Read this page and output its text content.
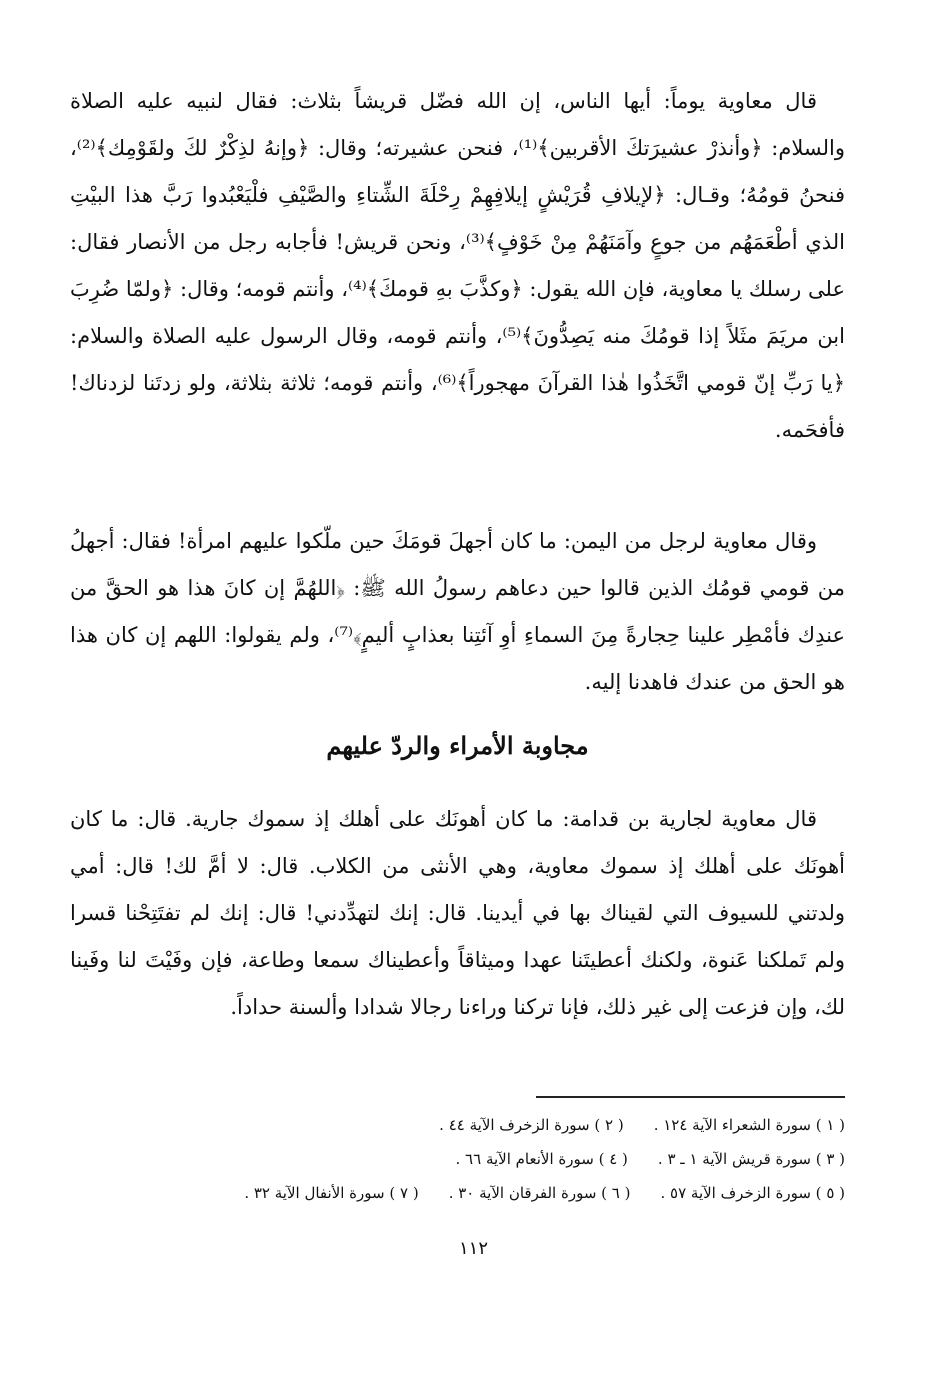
قال معاوية يوماً: أيها الناس، إن الله فضّل قريشاً بثلاث: فقال لنبيه عليه الصلاة والسلام: ﴿وأنذرْ عشيرَتكَ الأقربين﴾⁽¹⁾، فنحن عشيرته؛ وقال: ﴿وإنهُ لذِكْرٌ لكَ ولقَوْمِك﴾⁽²⁾، فنحنُ قومُهُ؛ وقـال: ﴿لإيلافِ قُرَيْشٍ إيلافِهِمْ رِحْلَةَ الشِّتاءِ والصَّيْفِ فلْيَعْبُدوا رَبَّ هذا البيْتِ الذي أطْعَمَهُم من جوعٍ وآمَنَهُمْ مِنْ خَوْفٍ﴾⁽³⁾، ونحن قريش! فأجابه رجل من الأنصار فقال: على رسلك يا معاوية، فإن الله يقول: ﴿وكذَّبَ بهِ قومكَ﴾⁽⁴⁾، وأنتم قومه؛ وقال: ﴿ولمّا ضُرِبَ ابن مريَمَ مثَلاً إذا قومُكَ منه يَصِدُّونَ﴾⁽⁵⁾، وأنتم قومه، وقال الرسول عليه الصلاة والسلام: ﴿يا رَبِّ إنّ قومي اتَّخَذُوا هٰذا القرآنَ مهجوراً﴾⁽⁶⁾، وأنتم قومه؛ ثلاثة بثلاثة، ولو زدتَنا لزدناك! فأفحَمه.

وقال معاوية لرجل من اليمن: ما كان أجهلَ قومَكَ حين ملّكوا عليهم امرأة! فقال: أجهلُ من قومي قومُك الذين قالوا حين دعاهم رسولُ الله ﷺ: ﴿اللهُمَّ إن كانَ هذا هو الحقَّ من عندِك فأمْطِر علينا حِجارةً مِنَ السماءِ أوِ آئتِنا بعذابٍ أليمٍ﴾⁽⁷⁾، ولم يقولوا: اللهم إن كان هذا هو الحق من عندك فاهدنا إليه.

مجاوبة الأمراء والردّ عليهم

قال معاوية لجارية بن قدامة: ما كان أهونَك على أهلك إذ سموك جارية. قال: ما كان أهونَك على أهلك إذ سموك معاوية، وهي الأنثى من الكلاب. قال: لا أمَّ لك! قال: أمي ولدتني للسيوف التي لقيناك بها في أيدينا. قال: إنك لتهدِّدني! قال: إنك لم تفتَتِحْنا قسرا ولم تَملكنا عَنوة، ولكنك أعطيتَنا عهدا وميثاقاً وأعطيناك سمعا وطاعة، فإن وفَيْتَ لنا وفَينا لك، وإن فزعت إلى غير ذلك، فإنا تركنا وراءنا رجالا شدادا وألسنة حداداً.

( ١ ) سورة الشعراء الآية ١٢٤ .
( ٢ ) سورة الزخرف الآية ٤٤ .
( ٣ ) سورة قريش الآية ١ ـ ٣ .
( ٤ ) سورة الأنعام الآية ٦٦ .
( ٥ ) سورة الزخرف الآية ٥٧ .
( ٦ ) سورة الفرقان الآية ٣٠ .
( ٧ ) سورة الأنفال الآية ٣٢ .
١١٢
